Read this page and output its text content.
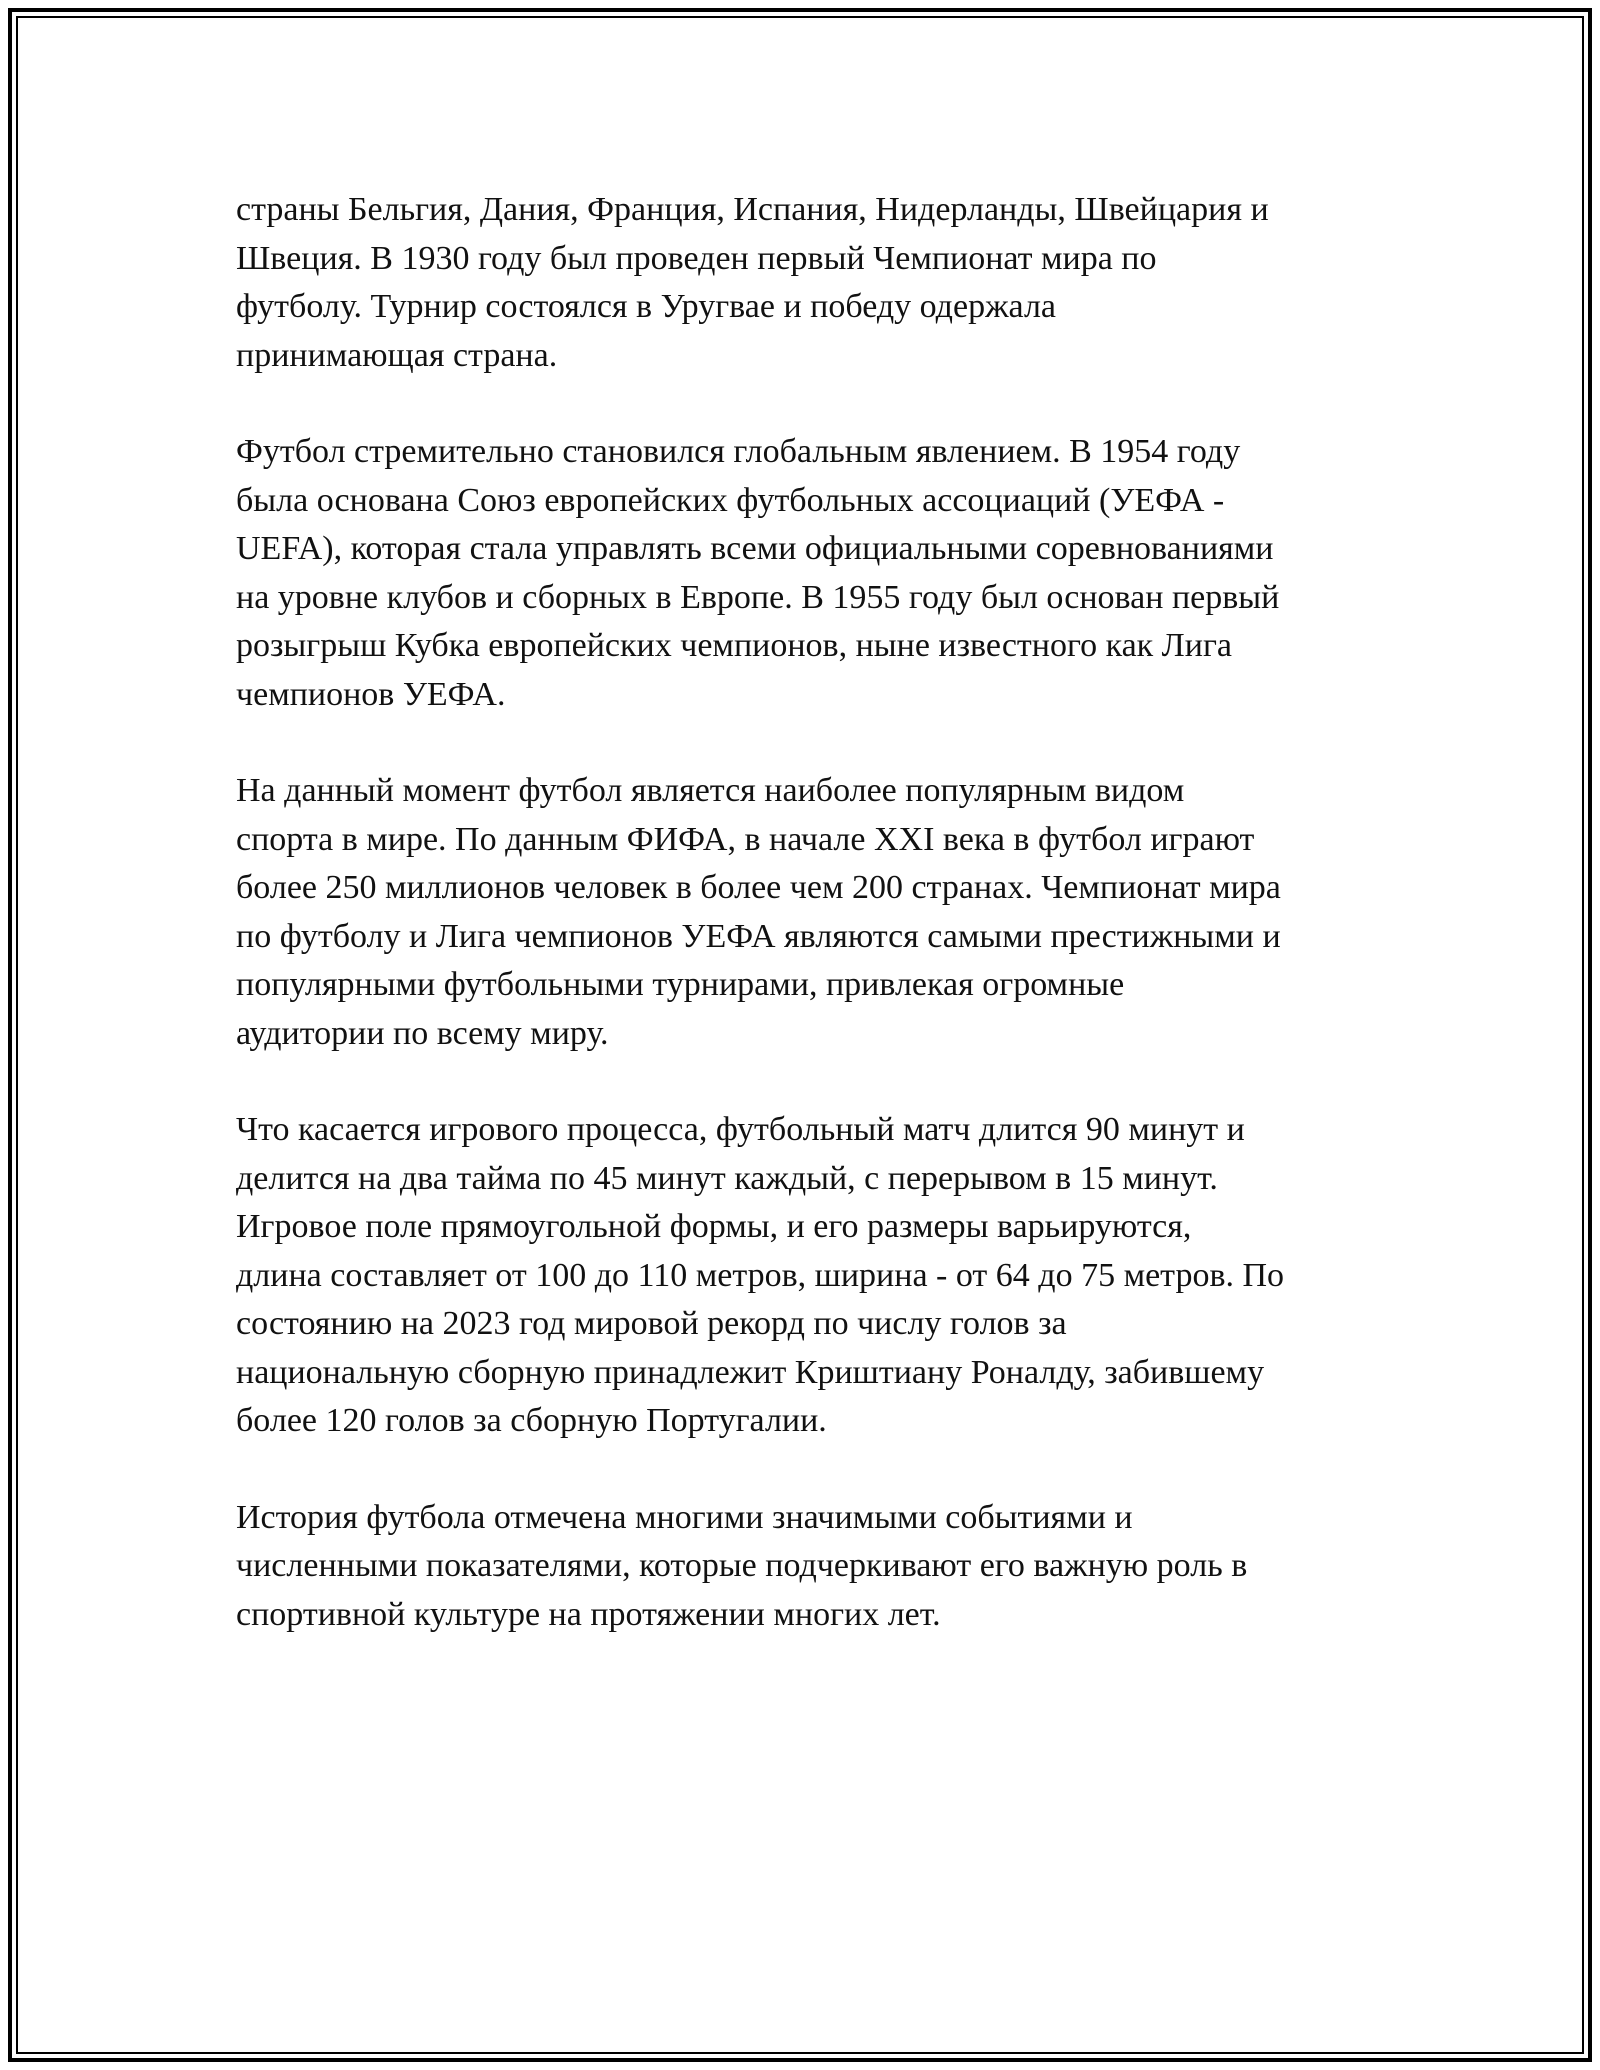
страны Бельгия, Дания, Франция, Испания, Нидерланды, Швейцария и
Швеция. В 1930 году был проведен первый Чемпионат мира по
футболу. Турнир состоялся в Уругвае и победу одержала
принимающая страна.
Футбол стремительно становился глобальным явлением. В 1954 году
была основана Союз европейских футбольных ассоциаций (УЕФА -
UEFA), которая стала управлять всеми официальными соревнованиями
на уровне клубов и сборных в Европе. В 1955 году был основан первый
розыгрыш Кубка европейских чемпионов, ныне известного как Лига
чемпионов УЕФА.
На данный момент футбол является наиболее популярным видом
спорта в мире. По данным ФИФА, в начале XXI века в футбол играют
более 250 миллионов человек в более чем 200 странах. Чемпионат мира
по футболу и Лига чемпионов УЕФА являются самыми престижными и
популярными футбольными турнирами, привлекая огромные
аудитории по всему миру.
Что касается игрового процесса, футбольный матч длится 90 минут и
делится на два тайма по 45 минут каждый, с перерывом в 15 минут.
Игровое поле прямоугольной формы, и его размеры варьируются,
длина составляет от 100 до 110 метров, ширина - от 64 до 75 метров. По
состоянию на 2023 год мировой рекорд по числу голов за
национальную сборную принадлежит Криштиану Роналду, забившему
более 120 голов за сборную Португалии.
История футбола отмечена многими значимыми событиями и
численными показателями, которые подчеркивают его важную роль в
спортивной культуре на протяжении многих лет.
